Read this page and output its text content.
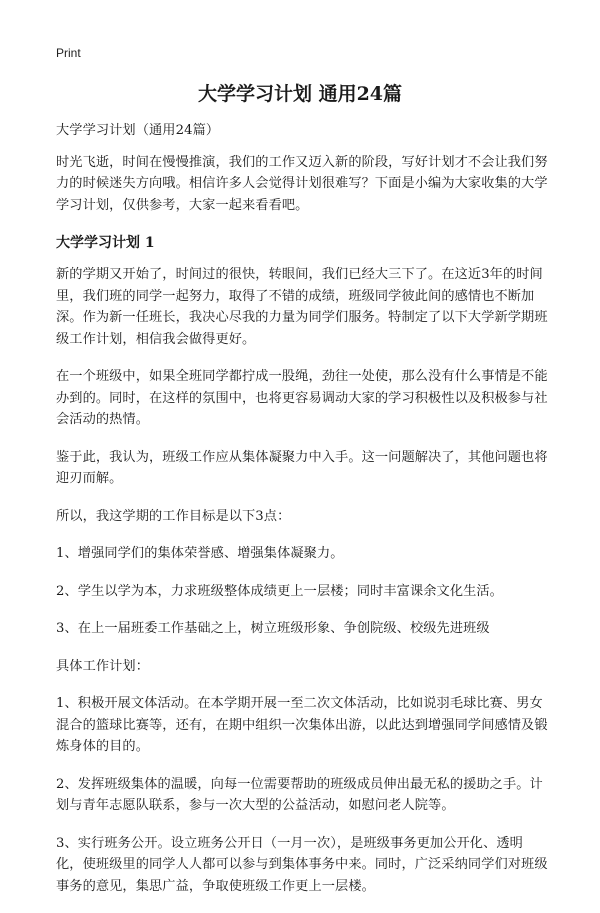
Print
大学学习计划 通用24篇

大学学习计划（通用24篇）

时光飞逝，时间在慢慢推演，我们的工作又迈入新的阶段，写好计划才不会让我们努力的时候迷失方向哦。相信许多人会觉得计划很难写？下面是小编为大家收集的大学学习计划，仅供参考，大家一起来看看吧。

大学学习计划 1

新的学期又开始了，时间过的很快，转眼间，我们已经大三下了。在这近3年的时间里，我们班的同学一起努力，取得了不错的成绩，班级同学彼此间的感情也不断加深。作为新一任班长，我决心尽我的力量为同学们服务。特制定了以下大学新学期班级工作计划，相信我会做得更好。

在一个班级中，如果全班同学都拧成一股绳，劲往一处使，那么没有什么事情是不能办到的。同时，在这样的氛围中，也将更容易调动大家的学习积极性以及积极参与社会活动的热情。

鉴于此，我认为，班级工作应从集体凝聚力中入手。这一问题解决了，其他问题也将迎刃而解。

所以，我这学期的工作目标是以下3点：

1、增强同学们的集体荣誉感、增强集体凝聚力。

2、学生以学为本，力求班级整体成绩更上一层楼；同时丰富课余文化生活。

3、在上一届班委工作基础之上，树立班级形象、争创院级、校级先进班级

具体工作计划：

1、积极开展文体活动。在本学期开展一至二次文体活动，比如说羽毛球比赛、男女混合的篮球比赛等，还有，在期中组织一次集体出游，以此达到增强同学间感情及锻炼身体的目的。

2、发挥班级集体的温暖，向每一位需要帮助的班级成员伸出最无私的援助之手。计划与青年志愿队联系，参与一次大型的公益活动，如慰问老人院等。

3、实行班务公开。设立班务公开日（一月一次），是班级事务更加公开化、透明化，使班级里的同学人人都可以参与到集体事务中来。同时，广泛采纳同学们对班级事务的意见，集思广益，争取使班级工作更上一层楼。
